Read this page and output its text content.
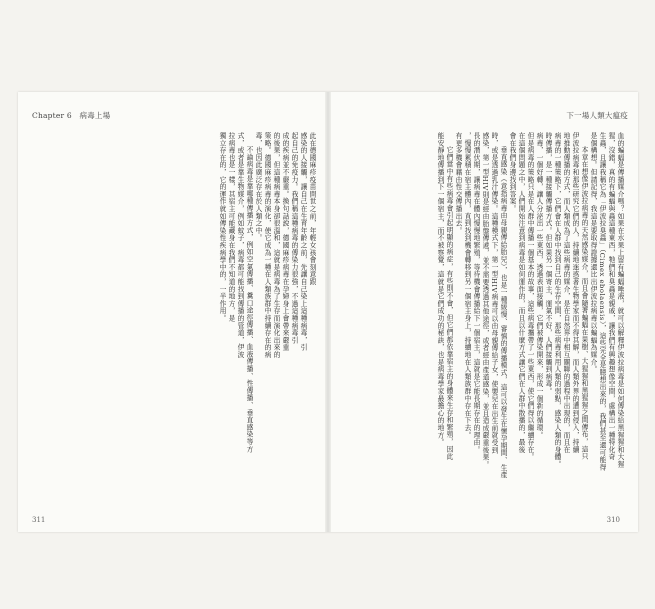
Chapter 6　病毒上場
此在德國麻疹疫苗問世之前，年輕女孩會刻意跟
感染的人接觸，讓自己在生育年齡之前，先讓自己染上這種病毒，引
起自己的免疫力。我們稱這種病毒的傳染力很強，不過這種病毒引
成的疾病並不嚴重。換句話說，德國麻疹病毒在孕婦身上會帶來嚴重
的後果，但這種病毒本身卻很溫和，這就是病毒為了生存而演化出來的
策略。德國麻疹病毒的演化，使它成為一種在人類族群中持續存在的病
毒，也因此廣泛存在於人類之中。
不論病毒是靠哪種傳播方式，例如空氣傳播、糞口途徑傳播、血液傳播、性傳播、垂直感染等方
式，或者是靠生物媒介，例如蚊子，病毒都可能找到傳播的管道，伊波
拉病毒也是一樣，其宿主可能藏身在我們不知道的地方，是
獨立存在的，它的運作就如傳染性疾病學中的，一半作用。
311
下一場人類大瘟疫
血的蝙蝠是傳播媒介嗎？如果在水果上留有蝙蝠唾液，就可以解釋伊波拉病毒是如何傳染給黑猩猩和大猩
猩，沒錯，真的有蝙蝠與蟲這種東西，牠們和臭蟲是親戚，讓我們有興趣想像空間，處構出一種特化奇
生蟲，且讓我稱它為「伊波拉臭蟲」（Cimex ebolaensis），這些完全是臆想出來的，我們甚至還可能得
是個構想。但請記得，我這是要取得證據還比出伊波拉病毒以蝙蝠為媒介。
本章在想像伊波拉病毒的天然感染媒介，而且會隨著蝙蝠在果樹、大猩猩和黑猩猩之間傳布，這只
伊波拉病毒和那些研究它們的人，持續地迷惑著生物學家而不得其解，而人類外界的遭到侵入，持續
地推動傳播的方式，而人類成為了這些病毒的媒介，是在自然界中相互關聯的過程中出現的，而且在
病毒的一種策略下，它們會在人群中找到自己的生存空間，那些病毒利用人類的弱點，感染人類的身體。
時傳播，是一種接觸傳播方式。但如果另一個寄主，運氣不好，人們接觸到病毒。
病毒，一個好轉，讓人分泌出一些東西，透過表面接觸，它們被傳染開來，形成一個新的循環。
但是病毒的策略只是在人群中傳播一個基本的故事，這些病毒攜帶了一些東西，使它們得以繼續存在。
在這個問題之中，人們開始注意到病毒是如何運作的，而且以什麼方式讓它們在人群中散播的，最後
會在我們身邊找到答案。
垂直感染（意指病毒由母親傳給胎兒），也是一種緩慢、審慎的傳播模式，這可以發生在懷孕期間、生產
時，或是透過乳汁傳染。這種模式下，第一型HIV病毒可以由母親傳給子女，使嬰兒在出生前就受到
感染，第一型HIV則是經由胎盤傳遞，並不需要透過其他途徑，或者經由產道感染，並且造成嚴重後果。
長的潛伏期，讓病毒在體內慢慢地繁殖，等待機會傳播給下一個宿主，這就是它能長期存在的理由。
，慢慢累積在宿主體內，直到找到機會轉移到另一個宿主身上，持續地在人類族群中存在下去。
有更多機會藉由性交傳播出去。
它們當中有些病毒會引起明顯的病症，有些則不會，但它們都依靠宿主的身體來生存和繁殖，因此
能安靜地傳播到下一個宿主，而不被察覺，這就是它們成功的秘訣，也是病毒學家最擔心的地方。
310
